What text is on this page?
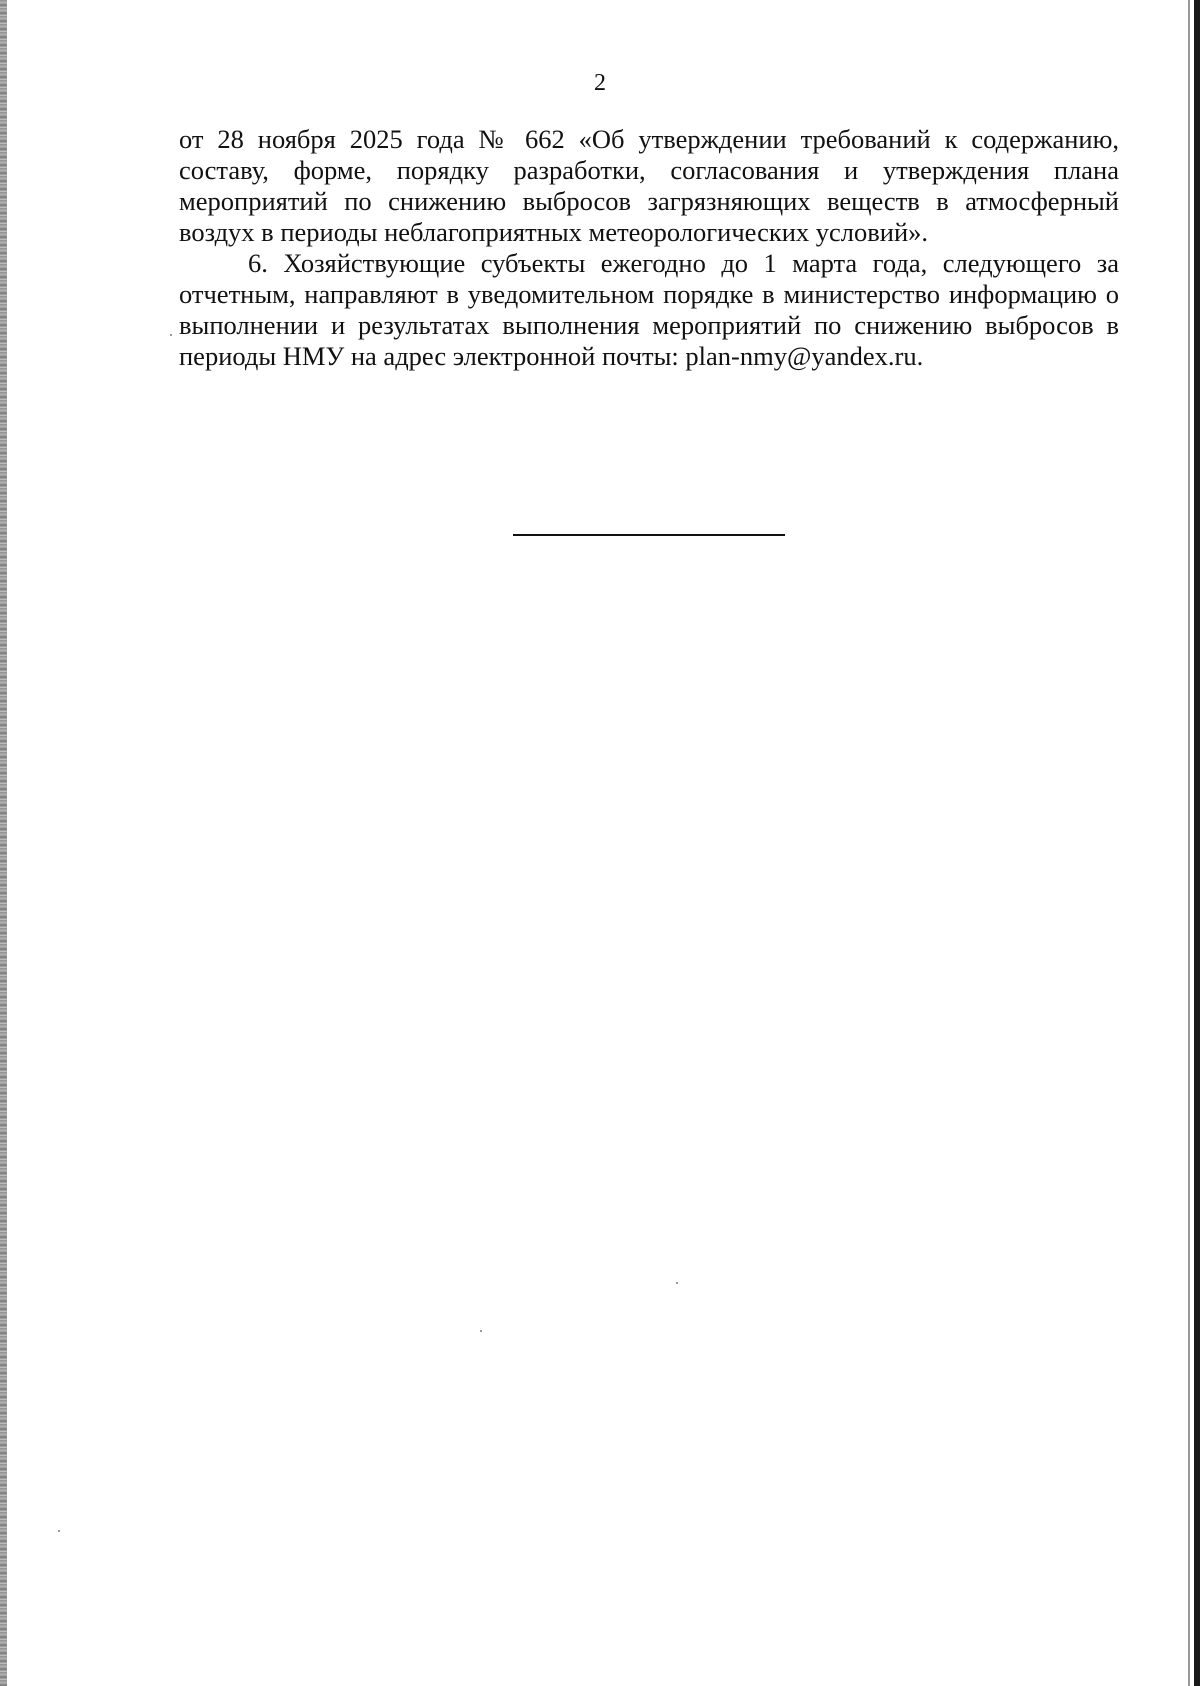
2

от 28 ноября 2025 года № 662 «Об утверждении требований к содержанию, составу, форме, порядку разработки, согласования и утверждения плана мероприятий по снижению выбросов загрязняющих веществ в атмосферный воздух в периоды неблагоприятных метеорологических условий».

6. Хозяйствующие субъекты ежегодно до 1 марта года, следующего за отчетным, направляют в уведомительном порядке в министерство информацию о выполнении и результатах выполнения мероприятий по снижению выбросов в периоды НМУ на адрес электронной почты: plan-nmy@yandex.ru.
